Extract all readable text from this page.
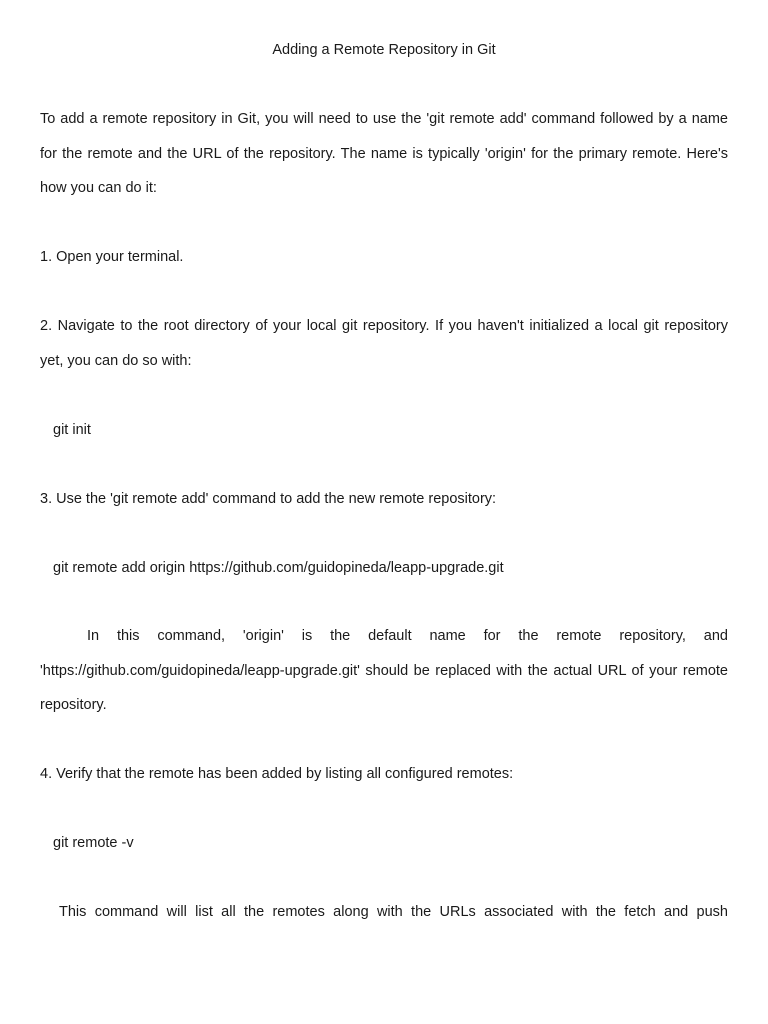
Adding a Remote Repository in Git

To add a remote repository in Git, you will need to use the 'git remote add' command followed by a name for the remote and the URL of the repository. The name is typically 'origin' for the primary remote. Here's how you can do it:

1. Open your terminal.

2. Navigate to the root directory of your local git repository. If you haven't initialized a local git repository yet, you can do so with:

git init

3. Use the 'git remote add' command to add the new remote repository:

git remote add origin https://github.com/guidopineda/leapp-upgrade.git

In this command, 'origin' is the default name for the remote repository, and 'https://github.com/guidopineda/leapp-upgrade.git' should be replaced with the actual URL of your remote repository.

4. Verify that the remote has been added by listing all configured remotes:

git remote -v

This command will list all the remotes along with the URLs associated with the fetch and push
